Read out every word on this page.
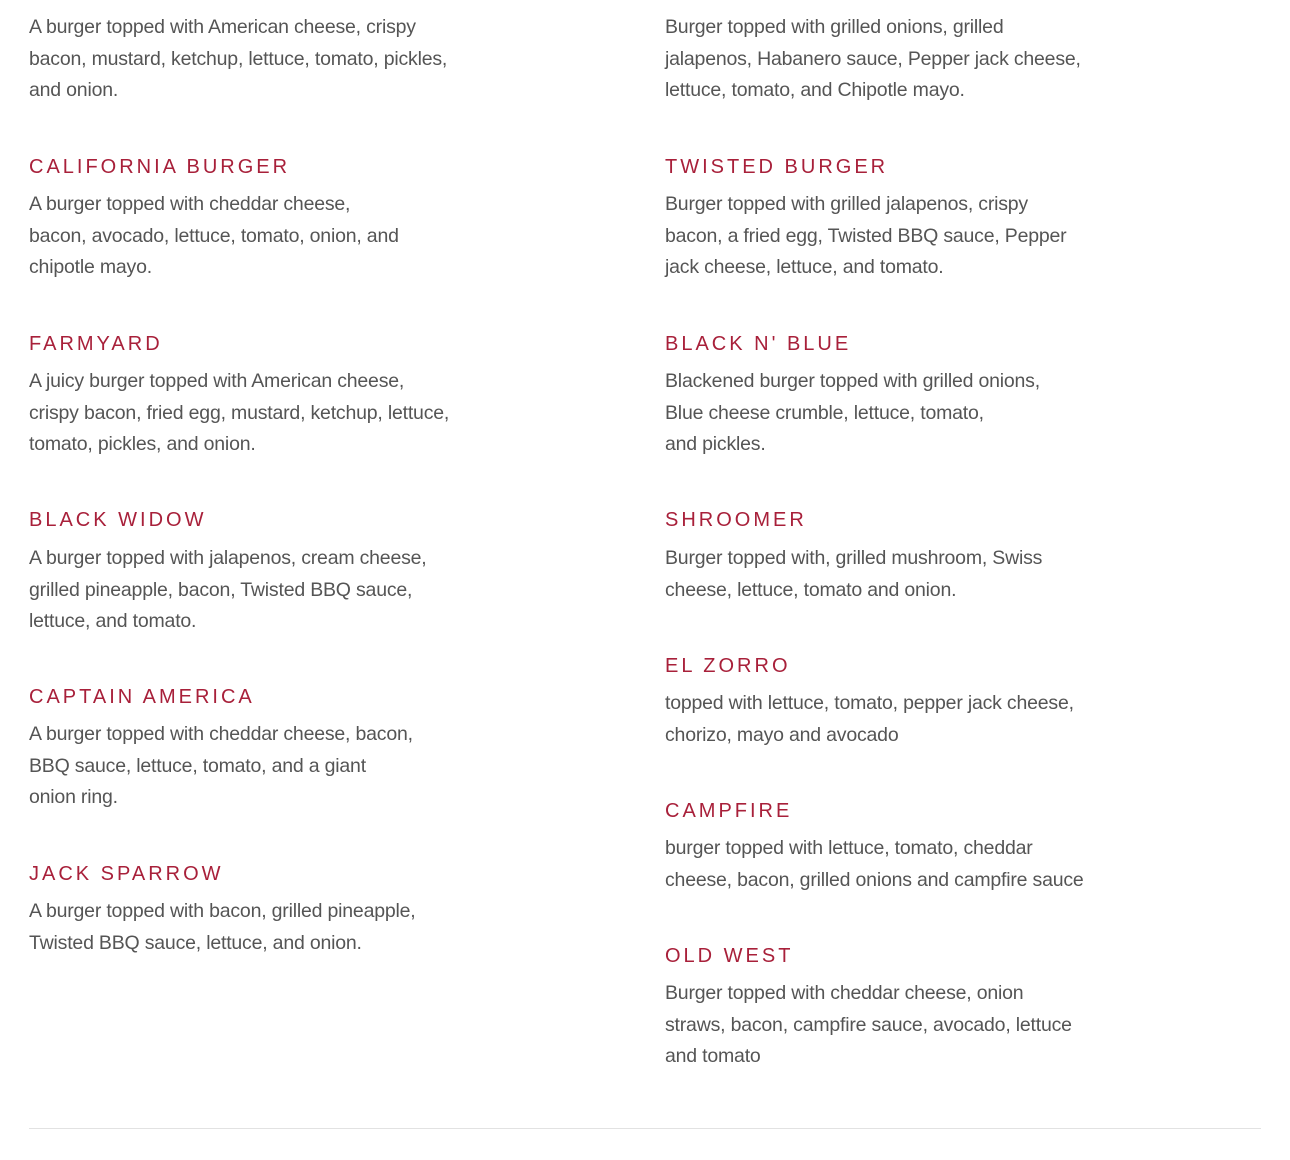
A burger topped with American cheese, crispy
bacon, mustard, ketchup, lettuce, tomato, pickles,
and onion.

CALIFORNIA BURGER

A burger topped with cheddar cheese,
bacon, avocado, lettuce, tomato, onion, and
chipotle mayo.

FARMYARD

A juicy burger topped with American cheese,
crispy bacon, fried egg, mustard, ketchup, lettuce,
tomato, pickles, and onion.

BLACK WIDOW

A burger topped with jalapenos, cream cheese,
grilled pineapple, bacon, Twisted BBQ sauce,
lettuce, and tomato.

CAPTAIN AMERICA

A burger topped with cheddar cheese, bacon,
BBQ sauce, lettuce, tomato, and a giant
onion ring.

JACK SPARROW

A burger topped with bacon, grilled pineapple,
Twisted BBQ sauce, lettuce, and onion.

Burger topped with grilled onions, grilled
jalapenos, Habanero sauce, Pepper jack cheese,
lettuce, tomato, and Chipotle mayo.

TWISTED BURGER

Burger topped with grilled jalapenos, crispy
bacon, a fried egg, Twisted BBQ sauce, Pepper
jack cheese, lettuce, and tomato.

BLACK N' BLUE

Blackened burger topped with grilled onions,
Blue cheese crumble, lettuce, tomato,
and pickles.

SHROOMER

Burger topped with, grilled mushroom, Swiss
cheese, lettuce, tomato and onion.

EL ZORRO

topped with lettuce, tomato, pepper jack cheese,
chorizo, mayo and avocado

CAMPFIRE

burger topped with lettuce, tomato, cheddar
cheese, bacon, grilled onions and campfire sauce

OLD WEST

Burger topped with cheddar cheese, onion
straws, bacon, campfire sauce, avocado, lettuce
and tomato
